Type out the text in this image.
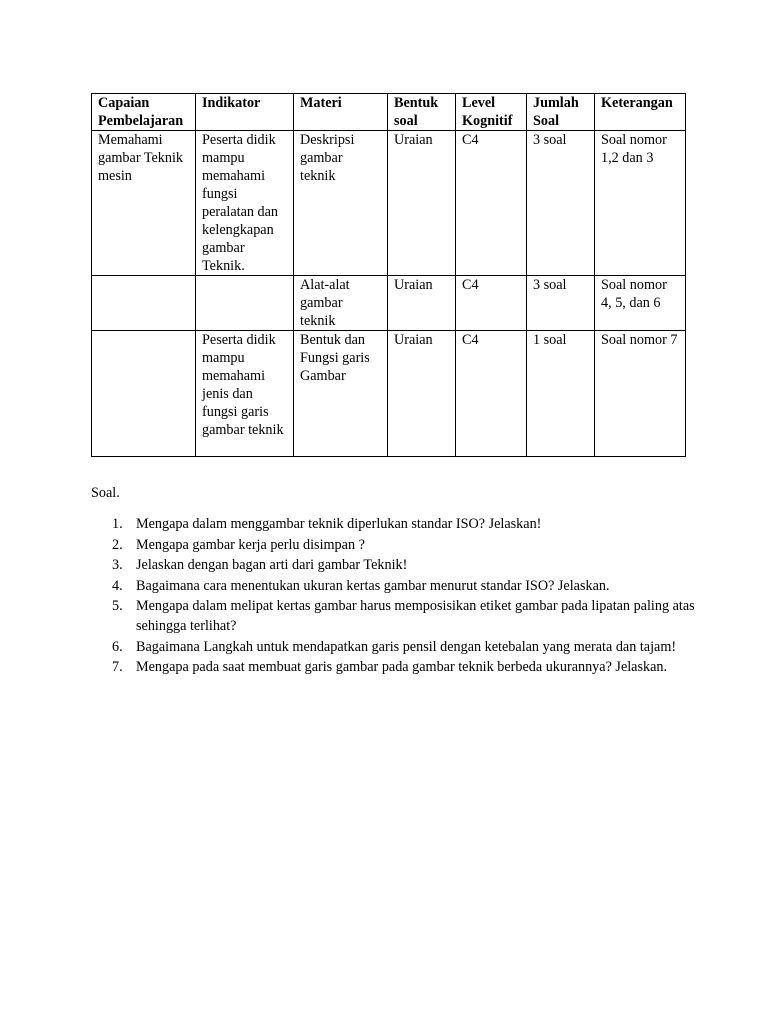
Capaian Pembelajaran	Indikator	Materi	Bentuk soal	Level Kognitif	Jumlah Soal	Keterangan
Memahami gambar Teknik mesin	Peserta didik mampu memahami fungsi peralatan dan kelengkapan gambar Teknik.	Deskripsi gambar teknik	Uraian	C4	3 soal	Soal nomor 1,2 dan 3
		Alat-alat gambar teknik	Uraian	C4	3 soal	Soal nomor 4, 5, dan 6
	Peserta didik mampu memahami jenis dan fungsi garis gambar teknik	Bentuk dan Fungsi garis Gambar	Uraian	C4	1 soal	Soal nomor 7
Soal.
Mengapa dalam menggambar teknik diperlukan standar ISO? Jelaskan!
Mengapa gambar kerja perlu disimpan ?
Jelaskan dengan bagan arti dari gambar Teknik!
Bagaimana cara menentukan ukuran kertas gambar menurut standar ISO? Jelaskan.
Mengapa dalam melipat kertas gambar harus memposisikan etiket gambar pada lipatan paling atas sehingga terlihat?
Bagaimana Langkah untuk mendapatkan garis pensil dengan ketebalan yang merata dan tajam!
Mengapa pada saat membuat garis gambar pada gambar teknik berbeda ukurannya? Jelaskan.
